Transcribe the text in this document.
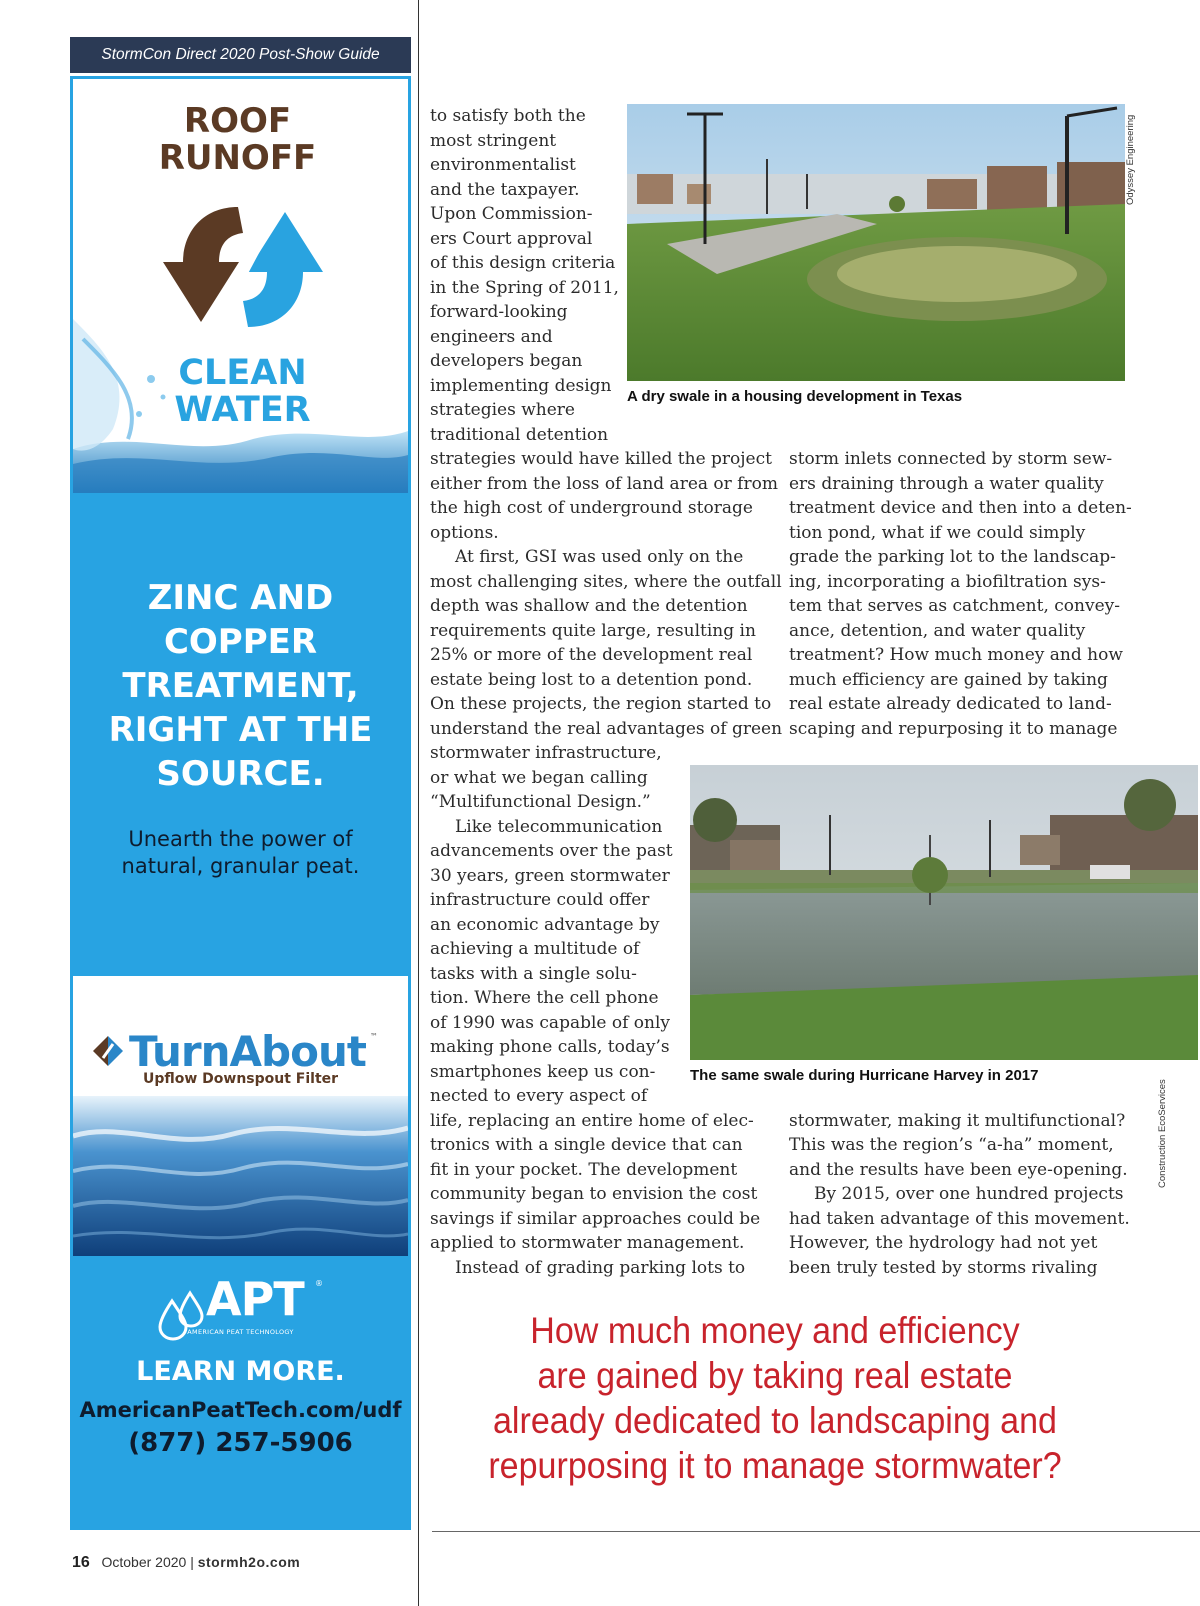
StormCon Direct 2020 Post-Show Guide
ROOF
RUNOFF
CLEAN
WATER
ZINC AND
COPPER
TREATMENT,
RIGHT AT THE
SOURCE.
Unearth the power of
natural, granular peat.
TurnAbout ™
Upflow Downspout Filter
APT ®
AMERICAN PEAT TECHNOLOGY
LEARN MORE.
AmericanPeatTech.com/udf
(877) 257-5906
A dry swale in a housing development in Texas
Odyssey Engineering
The same swale during Hurricane Harvey in 2017
Construction EcoServices
to satisfy both the
most stringent
environmentalist
and the taxpayer.
Upon Commission-
ers Court approval
of this design criteria
in the Spring of 2011,
forward-looking
engineers and
developers began
implementing design
strategies where
traditional detention
strategies would have killed the project
either from the loss of land area or from
the high cost of underground storage
options.
At first, GSI was used only on the
most challenging sites, where the outfall
depth was shallow and the detention
requirements quite large, resulting in
25% or more of the development real
estate being lost to a detention pond.
On these projects, the region started to
understand the real advantages of green
stormwater infrastructure,
or what we began calling
“Multifunctional Design.”
Like telecommunication
advancements over the past
30 years, green stormwater
infrastructure could offer
an economic advantage by
achieving a multitude of
tasks with a single solu-
tion. Where the cell phone
of 1990 was capable of only
making phone calls, today’s
smartphones keep us con-
nected to every aspect of
life, replacing an entire home of elec-
tronics with a single device that can
fit in your pocket. The development
community began to envision the cost
savings if similar approaches could be
applied to stormwater management.
Instead of grading parking lots to
storm inlets connected by storm sew-
ers draining through a water quality
treatment device and then into a deten-
tion pond, what if we could simply
grade the parking lot to the landscap-
ing, incorporating a biofiltration sys-
tem that serves as catchment, convey-
ance, detention, and water quality
treatment? How much money and how
much efficiency are gained by taking
real estate already dedicated to land-
scaping and repurposing it to manage
stormwater, making it multifunctional?
This was the region’s “a-ha” moment,
and the results have been eye-opening.
By 2015, over one hundred projects
had taken advantage of this movement.
However, the hydrology had not yet
been truly tested by storms rivaling
How much money and efficiency
are gained by taking real estate
already dedicated to landscaping and
repurposing it to manage stormwater?
16 October 2020 | stormh2o.com
